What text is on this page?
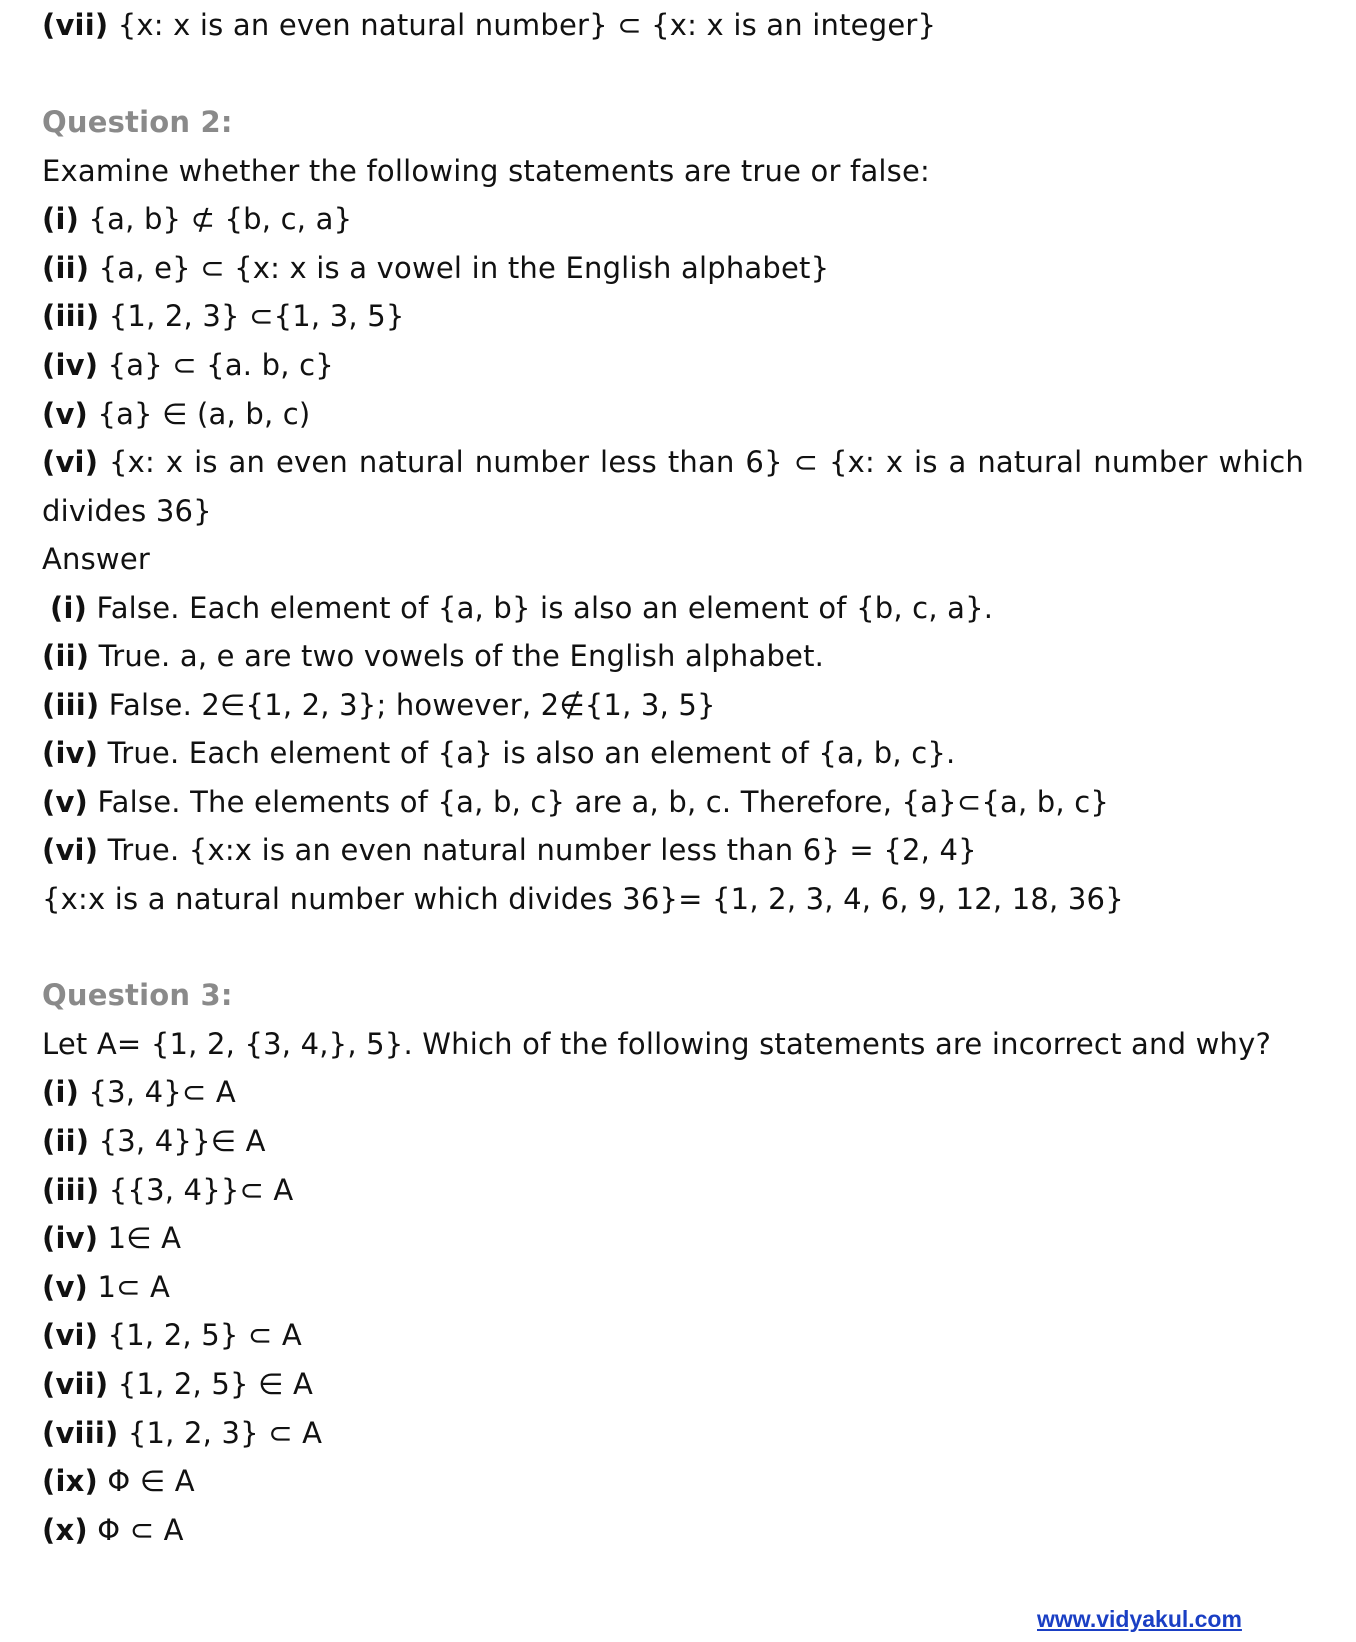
(vii) {x: x is an even natural number} ⊂ {x: x is an integer}
Question 2:
Examine whether the following statements are true or false:
(i) {a, b} ⊄ {b, c, a}
(ii) {a, e} ⊂ {x: x is a vowel in the English alphabet}
(iii) {1, 2, 3} ⊂{1, 3, 5}
(iv) {a} ⊂ {a. b, c}
(v) {a} ∈ (a, b, c)
(vi) {x: x is an even natural number less than 6} ⊂ {x: x is a natural number which
divides 36}
Answer
(i) False. Each element of {a, b} is also an element of {b, c, a}.
(ii) True. a, e are two vowels of the English alphabet.
(iii) False. 2∈{1, 2, 3}; however, 2∉{1, 3, 5}
(iv) True. Each element of {a} is also an element of {a, b, c}.
(v) False. The elements of {a, b, c} are a, b, c. Therefore, {a}⊂{a, b, c}
(vi) True. {x:x is an even natural number less than 6} = {2, 4}
{x:x is a natural number which divides 36}= {1, 2, 3, 4, 6, 9, 12, 18, 36}
Question 3:
Let A= {1, 2, {3, 4,}, 5}. Which of the following statements are incorrect and why?
(i) {3, 4}⊂ A
(ii) {3, 4}}∈ A
(iii) {{3, 4}}⊂ A
(iv) 1∈ A
(v) 1⊂ A
(vi) {1, 2, 5} ⊂ A
(vii) {1, 2, 5} ∈ A
(viii) {1, 2, 3} ⊂ A
(ix) Φ ∈ A
(x) Φ ⊂ A
www.vidyakul.com
